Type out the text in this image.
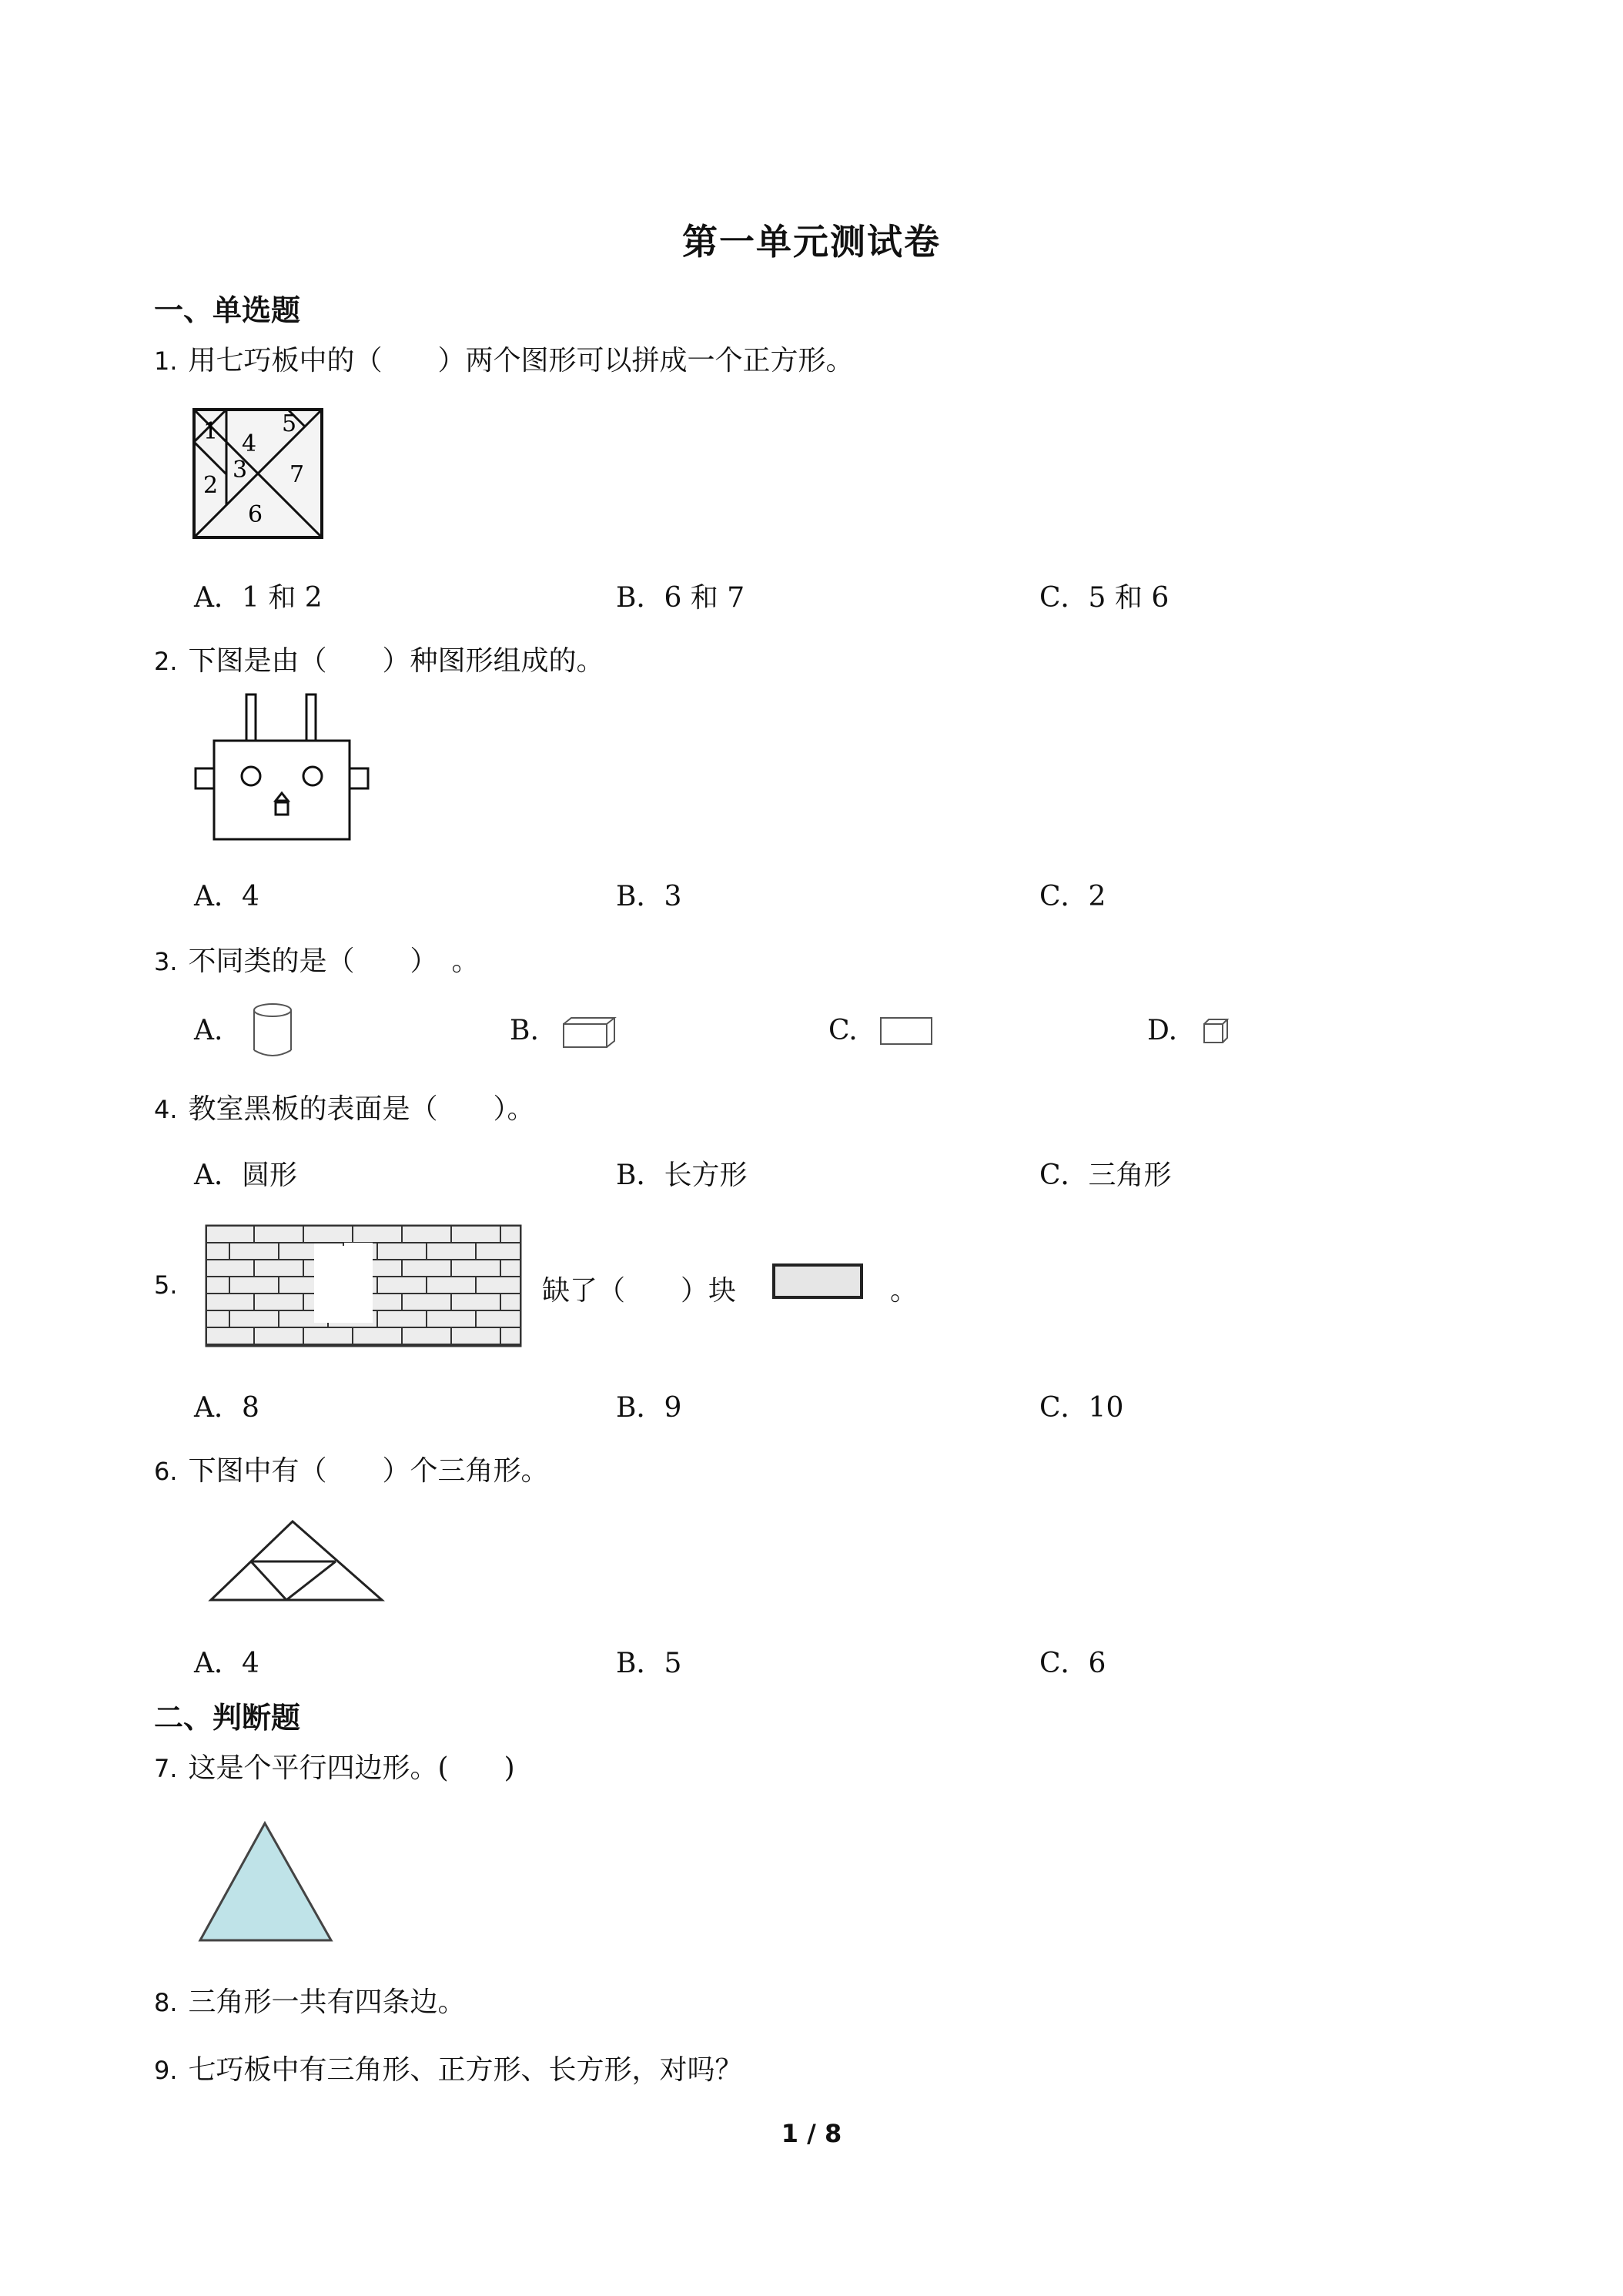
第一单元测试卷
一、单选题
1. 用七巧板中的（　　）两个图形可以拼成一个正方形。
1 4
5
3
2	7
6
A．1 和 2	B．6 和 7	C．5 和 6
2. 下图是由（　　）种图形组成的。
A．4	B．3	C．2
3. 不同类的是（　　）　。
A.	B.	C.	D.
4. 教室黑板的表面是（　　）。
A．圆形	B．长方形	C．三角形
5.	缺了（　　）块	。
A．8	B．9	C．10
6. 下图中有（　　）个三角形。
A．4	B．5	C．6
二、判断题
7. 这是个平行四边形。(　　)
8. 三角形一共有四条边。
9. 七巧板中有三角形、正方形、长方形，对吗？
1 / 8
